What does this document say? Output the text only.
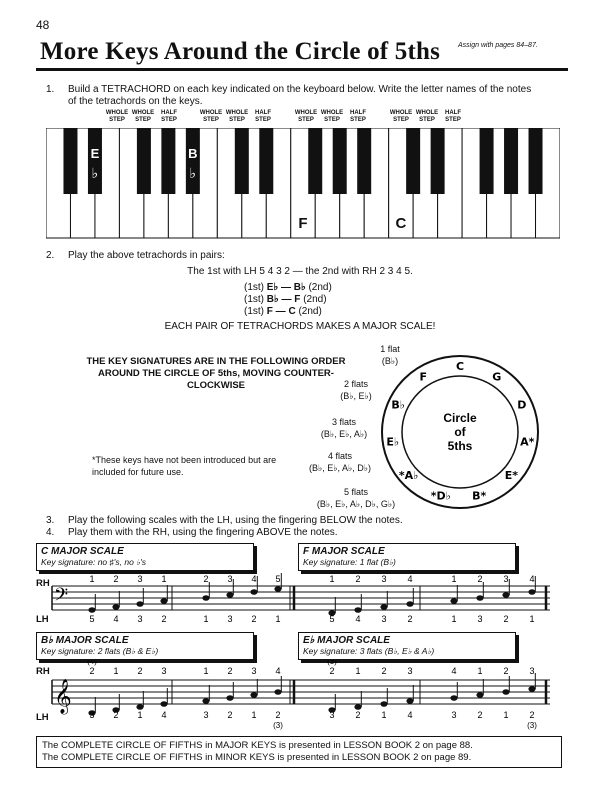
48
More Keys Around the Circle of 5ths	Assign with pages 84–87.
1. Build a TETRACHORD on each key indicated on the keyboard below. Write the letter names of the notes of the tetrachords on the keys.
WHOLE STEP
WHOLE STEP
HALF STEP
WHOLE STEP
WHOLE STEP
HALF STEP
WHOLE STEP
WHOLE STEP
HALF STEP
WHOLE STEP
WHOLE STEP
HALF STEP
E
♭
B
♭
F	C
2. Play the above tetrachords in pairs:
The 1st with LH 5 4 3 2 — the 2nd with RH 2 3 4 5.
(1st) E♭ — B♭ (2nd)
(1st) B♭ — F (2nd)
(1st) F — C (2nd)
EACH PAIR OF TETRACHORDS MAKES A MAJOR SCALE!
THE KEY SIGNATURES ARE IN THE FOLLOWING ORDER AROUND THE CIRCLE OF 5ths, MOVING COUNTER-CLOCKWISE
*These keys have not been introduced but are included for future use.
1 flat
(B♭)
2 flats
(B♭, E♭)
3 flats
(B♭, E♭, A♭)
4 flats
(B♭, E♭, A♭, D♭)
5 flats
(B♭, E♭, A♭, D♭, G♭)
Circle
of
5ths
C
G
D
A*
E*
B*
*D♭
*A♭
E♭
B♭
F
3. Play the following scales with the LH, using the fingering BELOW the notes.
4. Play them with the RH, using the fingering ABOVE the notes.
C MAJOR SCALE
Key signature: no ♯'s, no ♭'s
F MAJOR SCALE
Key signature: 1 flat (B♭)
B♭ MAJOR SCALE
Key signature: 2 flats (B♭ & E♭)
E♭ MAJOR SCALE
Key signature: 3 flats (B♭, E♭ & A♭)
RH
LH
RH
LH
𝄢
1
5
2
4
3
3
1
2
2
1
3
3
4
2
5
1
1
5
2
4
3
3
4
2
1
1
2
3
3
2
4
1
𝄞
2
3
1
2
2
1
3
4
1
3
2
2
3
1
4
2
(4)
(3)
2
3
1
2
2
1
3
4
4
3
1
2
2
1
3
2
(3)
(3)
The COMPLETE CIRCLE OF FIFTHS in MAJOR KEYS is presented in LESSON BOOK 2 on page 88.
The COMPLETE CIRCLE OF FIFTHS in MINOR KEYS is presented in LESSON BOOK 2 on page 89.
